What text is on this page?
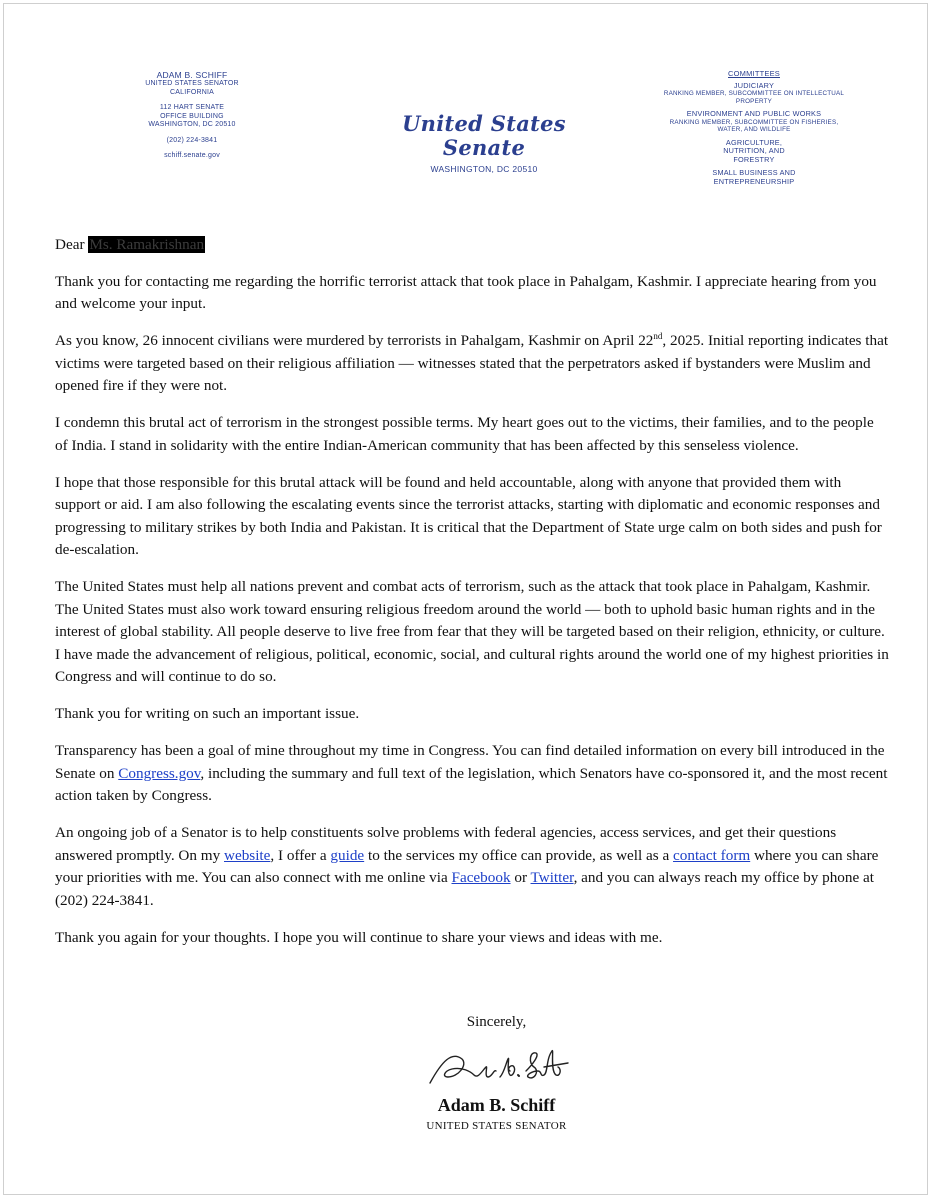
ADAM B. SCHIFF
UNITED STATES SENATOR
CALIFORNIA
112 HART SENATE
OFFICE BUILDING
WASHINGTON, DC 20510
(202) 224-3841
schiff.senate.gov
United States Senate
WASHINGTON, DC 20510
COMMITTEES
JUDICIARY
RANKING MEMBER, SUBCOMMITTEE ON INTELLECTUAL PROPERTY
ENVIRONMENT AND PUBLIC WORKS
RANKING MEMBER, SUBCOMMITTEE ON FISHERIES, WATER, AND WILDLIFE
AGRICULTURE, NUTRITION, AND FORESTRY
SMALL BUSINESS AND ENTREPRENEURSHIP

Dear Ms. Ramakrishnan

Thank you for contacting me regarding the horrific terrorist attack that took place in Pahalgam, Kashmir. I appreciate hearing from you and welcome your input.

As you know, 26 innocent civilians were murdered by terrorists in Pahalgam, Kashmir on April 22nd, 2025. Initial reporting indicates that victims were targeted based on their religious affiliation — witnesses stated that the perpetrators asked if bystanders were Muslim and opened fire if they were not.

I condemn this brutal act of terrorism in the strongest possible terms. My heart goes out to the victims, their families, and to the people of India. I stand in solidarity with the entire Indian-American community that has been affected by this senseless violence.

I hope that those responsible for this brutal attack will be found and held accountable, along with anyone that provided them with support or aid. I am also following the escalating events since the terrorist attacks, starting with diplomatic and economic responses and progressing to military strikes by both India and Pakistan. It is critical that the Department of State urge calm on both sides and push for de-escalation.

The United States must help all nations prevent and combat acts of terrorism, such as the attack that took place in Pahalgam, Kashmir. The United States must also work toward ensuring religious freedom around the world — both to uphold basic human rights and in the interest of global stability. All people deserve to live free from fear that they will be targeted based on their religion, ethnicity, or culture. I have made the advancement of religious, political, economic, social, and cultural rights around the world one of my highest priorities in Congress and will continue to do so.

Thank you for writing on such an important issue.

Transparency has been a goal of mine throughout my time in Congress. You can find detailed information on every bill introduced in the Senate on Congress.gov, including the summary and full text of the legislation, which Senators have co-sponsored it, and the most recent action taken by Congress.

An ongoing job of a Senator is to help constituents solve problems with federal agencies, access services, and get their questions answered promptly. On my website, I offer a guide to the services my office can provide, as well as a contact form where you can share your priorities with me. You can also connect with me online via Facebook or Twitter, and you can always reach my office by phone at (202) 224-3841.

Thank you again for your thoughts. I hope you will continue to share your views and ideas with me.

Sincerely,
Adam B. Schiff
UNITED STATES SENATOR
